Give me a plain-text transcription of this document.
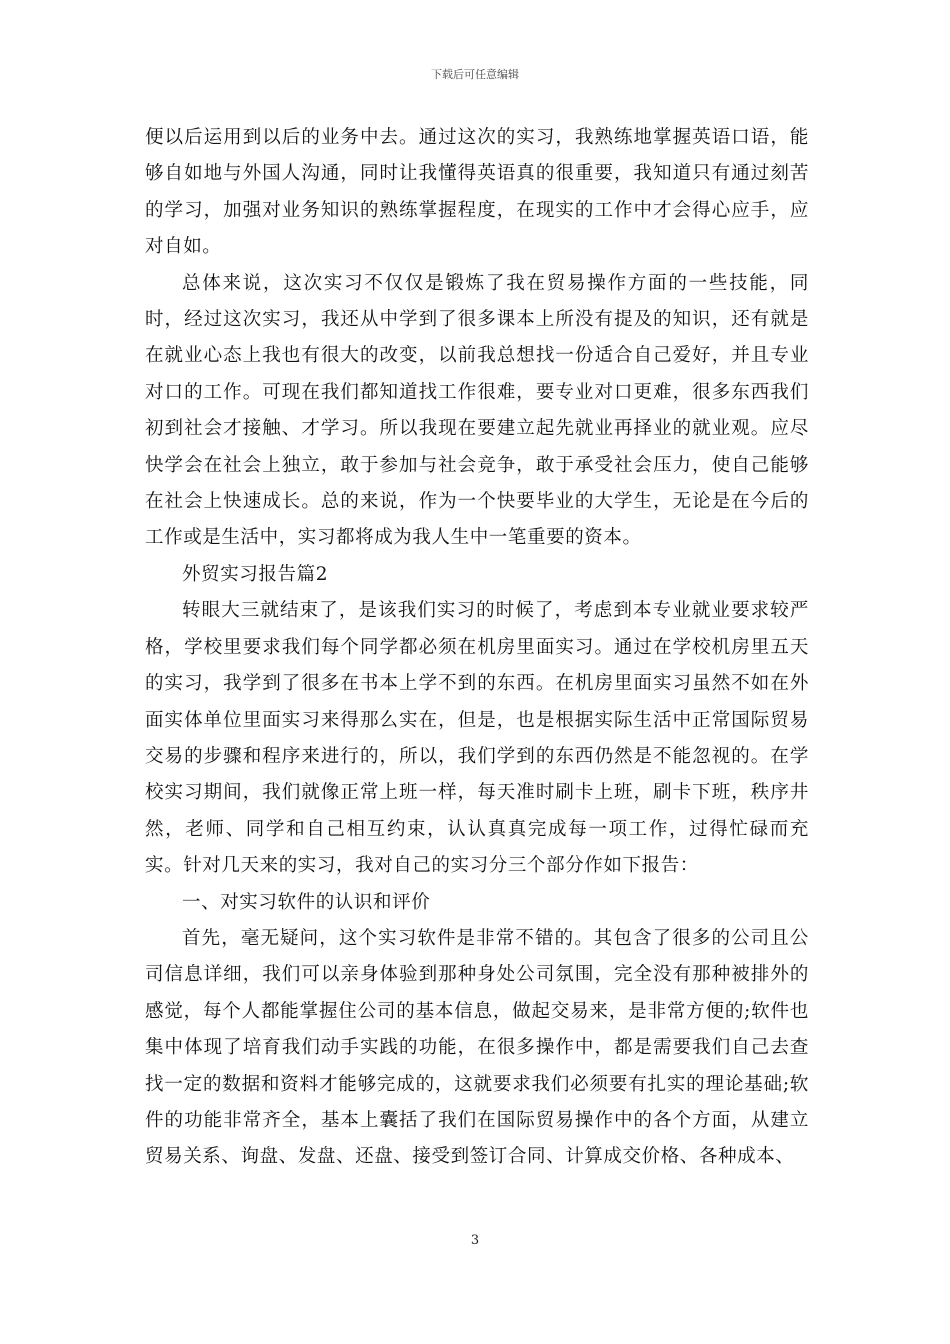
下载后可任意编辑

便以后运用到以后的业务中去。通过这次的实习，我熟练地掌握英语口语，能够自如地与外国人沟通，同时让我懂得英语真的很重要，我知道只有通过刻苦的学习，加强对业务知识的熟练掌握程度，在现实的工作中才会得心应手，应对自如。

总体来说，这次实习不仅仅是锻炼了我在贸易操作方面的一些技能，同时，经过这次实习，我还从中学到了很多课本上所没有提及的知识，还有就是在就业心态上我也有很大的改变，以前我总想找一份适合自己爱好，并且专业对口的工作。可现在我们都知道找工作很难，要专业对口更难，很多东西我们初到社会才接触、才学习。所以我现在要建立起先就业再择业的就业观。应尽快学会在社会上独立，敢于参加与社会竞争，敢于承受社会压力，使自己能够在社会上快速成长。总的来说，作为一个快要毕业的大学生，无论是在今后的工作或是生活中，实习都将成为我人生中一笔重要的资本。

外贸实习报告篇2

转眼大三就结束了，是该我们实习的时候了，考虑到本专业就业要求较严格，学校里要求我们每个同学都必须在机房里面实习。通过在学校机房里五天的实习，我学到了很多在书本上学不到的东西。在机房里面实习虽然不如在外面实体单位里面实习来得那么实在，但是，也是根据实际生活中正常国际贸易交易的步骤和程序来进行的，所以，我们学到的东西仍然是不能忽视的。在学校实习期间，我们就像正常上班一样，每天准时刷卡上班，刷卡下班，秩序井然，老师、同学和自己相互约束，认认真真完成每一项工作，过得忙碌而充实。针对几天来的实习，我对自己的实习分三个部分作如下报告：

一、对实习软件的认识和评价

首先，毫无疑问，这个实习软件是非常不错的。其包含了很多的公司且公司信息详细，我们可以亲身体验到那种身处公司氛围，完全没有那种被排外的感觉，每个人都能掌握住公司的基本信息，做起交易来，是非常方便的;软件也集中体现了培育我们动手实践的功能，在很多操作中，都是需要我们自己去查找一定的数据和资料才能够完成的，这就要求我们必须要有扎实的理论基础;软件的功能非常齐全，基本上囊括了我们在国际贸易操作中的各个方面，从建立贸易关系、询盘、发盘、还盘、接受到签订合同、计算成交价格、各种成本、

3
